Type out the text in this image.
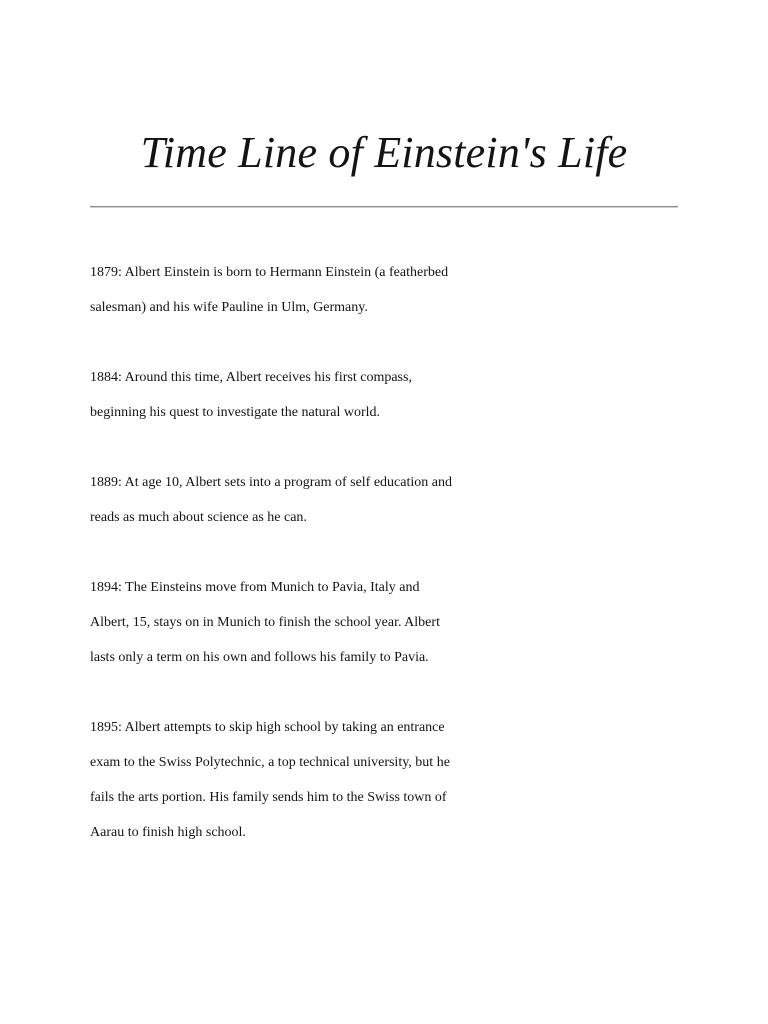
Time Line of Einstein's Life

1879: Albert Einstein is born to Hermann Einstein (a featherbed
salesman) and his wife Pauline in Ulm, Germany.

1884: Around this time, Albert receives his first compass,
beginning his quest to investigate the natural world.

1889: At age 10, Albert sets into a program of self education and
reads as much about science as he can.

1894: The Einsteins move from Munich to Pavia, Italy and
Albert, 15, stays on in Munich to finish the school year. Albert
lasts only a term on his own and follows his family to Pavia.

1895: Albert attempts to skip high school by taking an entrance
exam to the Swiss Polytechnic, a top technical university, but he
fails the arts portion. His family sends him to the Swiss town of
Aarau to finish high school.
